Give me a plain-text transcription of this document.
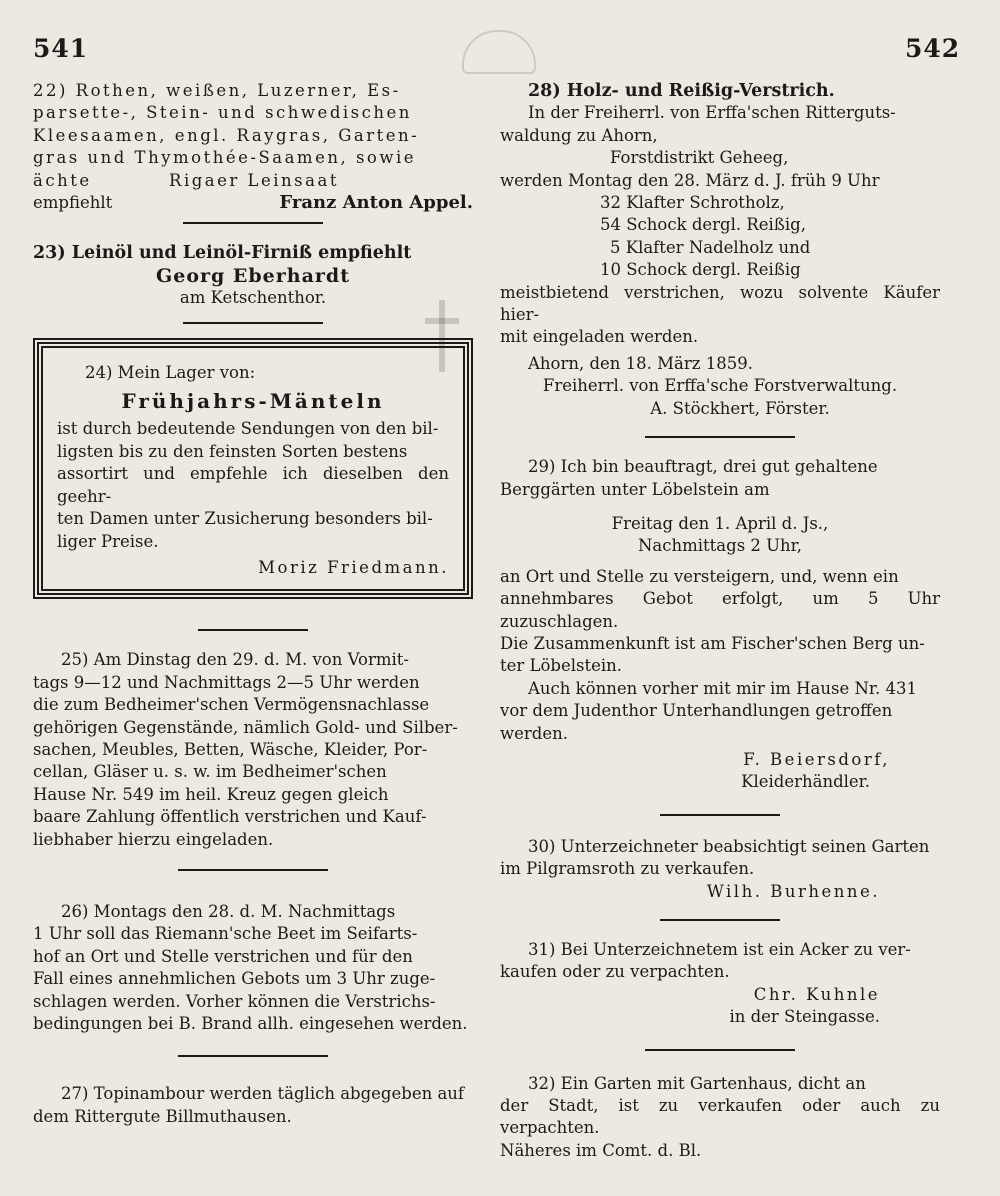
541	542

22) Rothen, weißen, Luzerner, Es-

parsette-, Stein- und schwedischen

Kleesaamen, engl. Raygras, Garten-

gras und Thymothée-Saamen, sowie

ächte          Rigaer Leinsaat

empfiehlt	Franz Anton Appel.

23) Leinöl und Leinöl-Firniß empfiehlt

Georg Eberhardt

am Ketschenthor.

24) Mein Lager von:

Frühjahrs-Mänteln

ist durch bedeutende Sendungen von den bil-

ligsten bis zu den feinsten Sorten bestens

assortirt und empfehle ich dieselben den geehr-

ten Damen unter Zusicherung besonders bil-

liger Preise.

Moriz Friedmann.

25) Am Dinstag den 29. d. M. von Vormit-

tags 9—12 und Nachmittags 2—5 Uhr werden

die zum Bedheimer'schen Vermögensnachlasse

gehörigen Gegenstände, nämlich Gold- und Silber-

sachen, Meubles, Betten, Wäsche, Kleider, Por-

cellan, Gläser u. s. w. im Bedheimer'schen

Hause Nr. 549 im heil. Kreuz gegen gleich

baare Zahlung öffentlich verstrichen und Kauf-

liebhaber hierzu eingeladen.

26) Montags den 28. d. M. Nachmittags

1 Uhr soll das Riemann'sche Beet im Seifarts-

hof an Ort und Stelle verstrichen und für den

Fall eines annehmlichen Gebots um 3 Uhr zuge-

schlagen werden. Vorher können die Verstrichs-

bedingungen bei B. Brand allh. eingesehen werden.

27) Topinambour werden täglich abgegeben auf

dem Rittergute Billmuthausen.

28) Holz- und Reißig-Verstrich.

In der Freiherrl. von Erffa'schen Ritterguts-

waldung zu Ahorn,

Forstdistrikt Geheeg,

werden Montag den 28. März d. J. früh 9 Uhr

32 Klafter Schrotholz,

54 Schock dergl. Reißig,

5 Klafter Nadelholz und

10 Schock dergl. Reißig

meistbietend verstrichen, wozu solvente Käufer hier-

mit eingeladen werden.

Ahorn, den 18. März 1859.

Freiherrl. von Erffa'sche Forstverwaltung.

A. Stöckhert, Förster.

29) Ich bin beauftragt, drei gut gehaltene

Berggärten unter Löbelstein am

Freitag den 1. April d. Js.,

Nachmittags 2 Uhr,

an Ort und Stelle zu versteigern, und, wenn ein

annehmbares Gebot erfolgt, um 5 Uhr zuzuschlagen.

Die Zusammenkunft ist am Fischer'schen Berg un-

ter Löbelstein.

Auch können vorher mit mir im Hause Nr. 431

vor dem Judenthor Unterhandlungen getroffen

werden.

F. Beiersdorf,

Kleiderhändler.

30) Unterzeichneter beabsichtigt seinen Garten

im Pilgramsroth zu verkaufen.

Wilh. Burhenne.

31) Bei Unterzeichnetem ist ein Acker zu ver-

kaufen oder zu verpachten.

Chr. Kuhnle

in der Steingasse.

32) Ein Garten mit Gartenhaus, dicht an

der Stadt, ist zu verkaufen oder auch zu verpachten.

Näheres im Comt. d. Bl.
